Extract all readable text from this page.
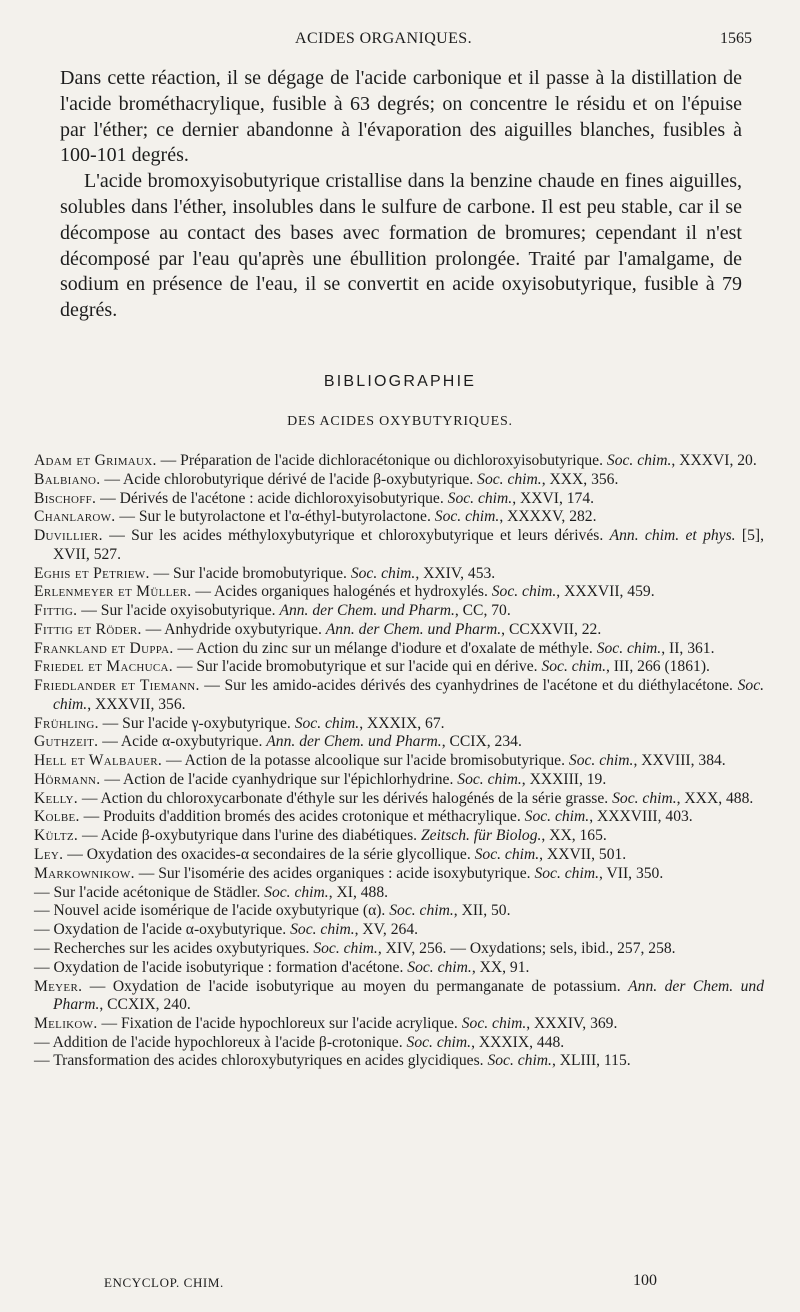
ACIDES ORGANIQUES.	1565

Dans cette réaction, il se dégage de l'acide carbonique et il passe à la distillation de l'acide brométhacrylique, fusible à 63 degrés; on concentre le résidu et on l'épuise par l'éther; ce dernier abandonne à l'évaporation des aiguilles blanches, fusibles à 100-101 degrés.

L'acide bromoxyisobutyrique cristallise dans la benzine chaude en fines aiguilles, solubles dans l'éther, insolubles dans le sulfure de carbone. Il est peu stable, car il se décompose au contact des bases avec formation de bromures; cependant il n'est décomposé par l'eau qu'après une ébullition prolongée. Traité par l'amalgame, de sodium en présence de l'eau, il se convertit en acide oxyisobutyrique, fusible à 79 degrés.

BIBLIOGRAPHIE
DES ACIDES OXYBUTYRIQUES.
Adam et Grimaux. — Préparation de l'acide dichloracétonique ou dichloroxyisobutyrique. Soc. chim., XXXVI, 20.
Balbiano. — Acide chlorobutyrique dérivé de l'acide β-oxybutyrique. Soc. chim., XXX, 356.
Bischoff. — Dérivés de l'acétone : acide dichloroxyisobutyrique. Soc. chim., XXVI, 174.
Chanlarow. — Sur le butyrolactone et l'α-éthyl-butyrolactone. Soc. chim., XXXXV, 282.
Duvillier. — Sur les acides méthyloxybutyrique et chloroxybutyrique et leurs dérivés. Ann. chim. et phys. [5], XVII, 527.
Eghis et Petriew. — Sur l'acide bromobutyrique. Soc. chim., XXIV, 453.
Erlenmeyer et Müller. — Acides organiques halogénés et hydroxylés. Soc. chim., XXXVII, 459.
Fittig. — Sur l'acide oxyisobutyrique. Ann. der Chem. und Pharm., CC, 70.
Fittig et Röder. — Anhydride oxybutyrique. Ann. der Chem. und Pharm., CCXXVII, 22.
Frankland et Duppa. — Action du zinc sur un mélange d'iodure et d'oxalate de méthyle. Soc. chim., II, 361.
Friedel et Machuca. — Sur l'acide bromobutyrique et sur l'acide qui en dérive. Soc. chim., III, 266 (1861).
Friedlander et Tiemann. — Sur les amido-acides dérivés des cyanhydrines de l'acétone et du diéthylacétone. Soc. chim., XXXVII, 356.
Frühling. — Sur l'acide γ-oxybutyrique. Soc. chim., XXXIX, 67.
Guthzeit. — Acide α-oxybutyrique. Ann. der Chem. und Pharm., CCIX, 234.
Hell et Walbauer. — Action de la potasse alcoolique sur l'acide bromisobutyrique. Soc. chim., XXVIII, 384.
Hörmann. — Action de l'acide cyanhydrique sur l'épichlorhydrine. Soc. chim., XXXIII, 19.
Kelly. — Action du chloroxycarbonate d'éthyle sur les dérivés halogénés de la série grasse. Soc. chim., XXX, 488.
Kolbe. — Produits d'addition bromés des acides crotonique et méthacrylique. Soc. chim., XXXVIII, 403.
Kültz. — Acide β-oxybutyrique dans l'urine des diabétiques. Zeitsch. für Biolog., XX, 165.
Ley. — Oxydation des oxacides-α secondaires de la série glycollique. Soc. chim., XXVII, 501.
Markownikow. — Sur l'isomérie des acides organiques : acide isoxybutyrique. Soc. chim., VII, 350.
— Sur l'acide acétonique de Städler. Soc. chim., XI, 488.
— Nouvel acide isomérique de l'acide oxybutyrique (α). Soc. chim., XII, 50.
— Oxydation de l'acide α-oxybutyrique. Soc. chim., XV, 264.
— Recherches sur les acides oxybutyriques. Soc. chim., XIV, 256. — Oxydations; sels, ibid., 257, 258.
— Oxydation de l'acide isobutyrique : formation d'acétone. Soc. chim., XX, 91.
Meyer. — Oxydation de l'acide isobutyrique au moyen du permanganate de potassium. Ann. der Chem. und Pharm., CCXIX, 240.
Melikow. — Fixation de l'acide hypochloreux sur l'acide acrylique. Soc. chim., XXXIV, 369.
— Addition de l'acide hypochloreux à l'acide β-crotonique. Soc. chim., XXXIX, 448.
— Transformation des acides chloroxybutyriques en acides glycidiques. Soc. chim., XLIII, 115.
ENCYCLOP. CHIM.	100
